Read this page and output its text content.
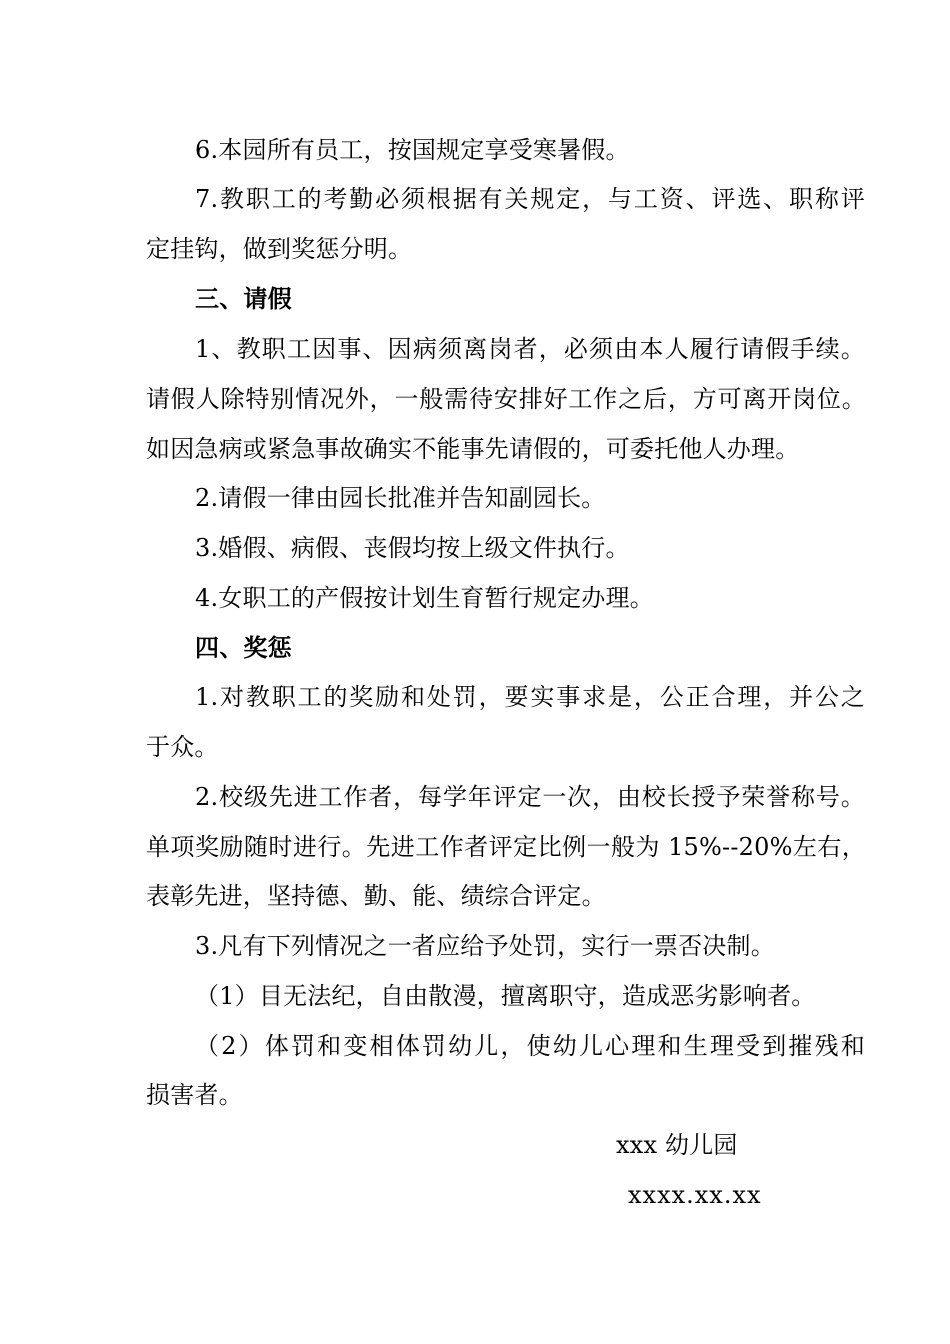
6.本园所有员工，按国规定享受寒暑假。
7.教职工的考勤必须根据有关规定，与工资、评选、职称评
定挂钩，做到奖惩分明。
三、请假
1、教职工因事、因病须离岗者，必须由本人履行请假手续。
请假人除特别情况外，一般需待安排好工作之后，方可离开岗位。
如因急病或紧急事故确实不能事先请假的，可委托他人办理。
2.请假一律由园长批准并告知副园长。
3.婚假、病假、丧假均按上级文件执行。
4.女职工的产假按计划生育暂行规定办理。
四、奖惩
1.对教职工的奖励和处罚，要实事求是，公正合理，并公之
于众。
2.校级先进工作者，每学年评定一次，由校长授予荣誉称号。
单项奖励随时进行。先进工作者评定比例一般为 15%--20%左右，
表彰先进，坚持德、勤、能、绩综合评定。
3.凡有下列情况之一者应给予处罚，实行一票否决制。
（1）目无法纪，自由散漫，擅离职守，造成恶劣影响者。
（2）体罚和变相体罚幼儿，使幼儿心理和生理受到摧残和
损害者。
xxx 幼儿园
xxxx.xx.xx
